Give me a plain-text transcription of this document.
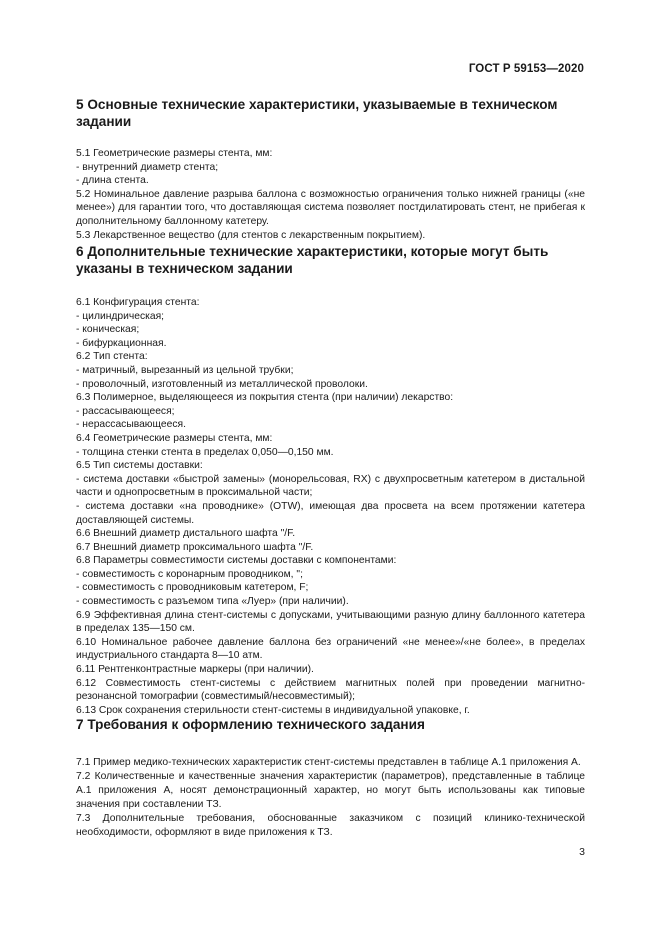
ГОСТ Р 59153—2020
5 Основные технические характеристики, указываемые в техническом задании

5.1 Геометрические размеры стента, мм:

- внутренний диаметр стента;

- длина стента.

5.2 Номинальное давление разрыва баллона с возможностью ограничения только нижней границы («не менее») для гарантии того, что доставляющая система позволяет постдилатировать стент, не прибегая к дополнительному баллонному катетеру.

5.3 Лекарственное вещество (для стентов с лекарственным покрытием).

6 Дополнительные технические характеристики, которые могут быть указаны в техническом задании

6.1 Конфигурация стента:

- цилиндрическая;

- коническая;

- бифуркационная.

6.2 Тип стента:

- матричный, вырезанный из цельной трубки;

- проволочный, изготовленный из металлической проволоки.

6.3 Полимерное, выделяющееся из покрытия стента (при наличии) лекарство:

- рассасывающееся;

- нерассасывающееся.

6.4 Геометрические размеры стента, мм:

- толщина стенки стента в пределах 0,050—0,150 мм.

6.5 Тип системы доставки:

- система доставки «быстрой замены» (монорельсовая, RX) с двухпросветным катетером в дистальной части и однопросветным в проксимальной части;

- система доставки «на проводнике» (OTW), имеющая два просвета на всем протяжении катетера доставляющей системы.

6.6 Внешний диаметр дистального шафта "/F.

6.7 Внешний диаметр проксимального шафта "/F.

6.8 Параметры совместимости системы доставки с компонентами:

- совместимость с коронарным проводником, ";

- совместимость с проводниковым катетером, F;

- совместимость с разъемом типа «Луер» (при наличии).

6.9 Эффективная длина стент-системы с допусками, учитывающими разную длину баллонного катетера в пределах 135—150 см.

6.10 Номинальное рабочее давление баллона без ограничений «не менее»/«не более», в пределах индустриального стандарта 8—10 атм.

6.11 Рентгенконтрастные маркеры (при наличии).

6.12 Совместимость стент-системы с действием магнитных полей при проведении магнитно-резонансной томографии (совместимый/несовместимый);

6.13 Срок сохранения стерильности стент-системы в индивидуальной упаковке, г.

7 Требования к оформлению технического задания

7.1 Пример медико-технических характеристик стент-системы представлен в таблице А.1 приложения А.

7.2 Количественные и качественные значения характеристик (параметров), представленные в таблице А.1 приложения А, носят демонстрационный характер, но могут быть использованы как типовые значения при составлении ТЗ.

7.3 Дополнительные требования, обоснованные заказчиком с позиций клинико-технической необходимости, оформляют в виде приложения к ТЗ.

3
